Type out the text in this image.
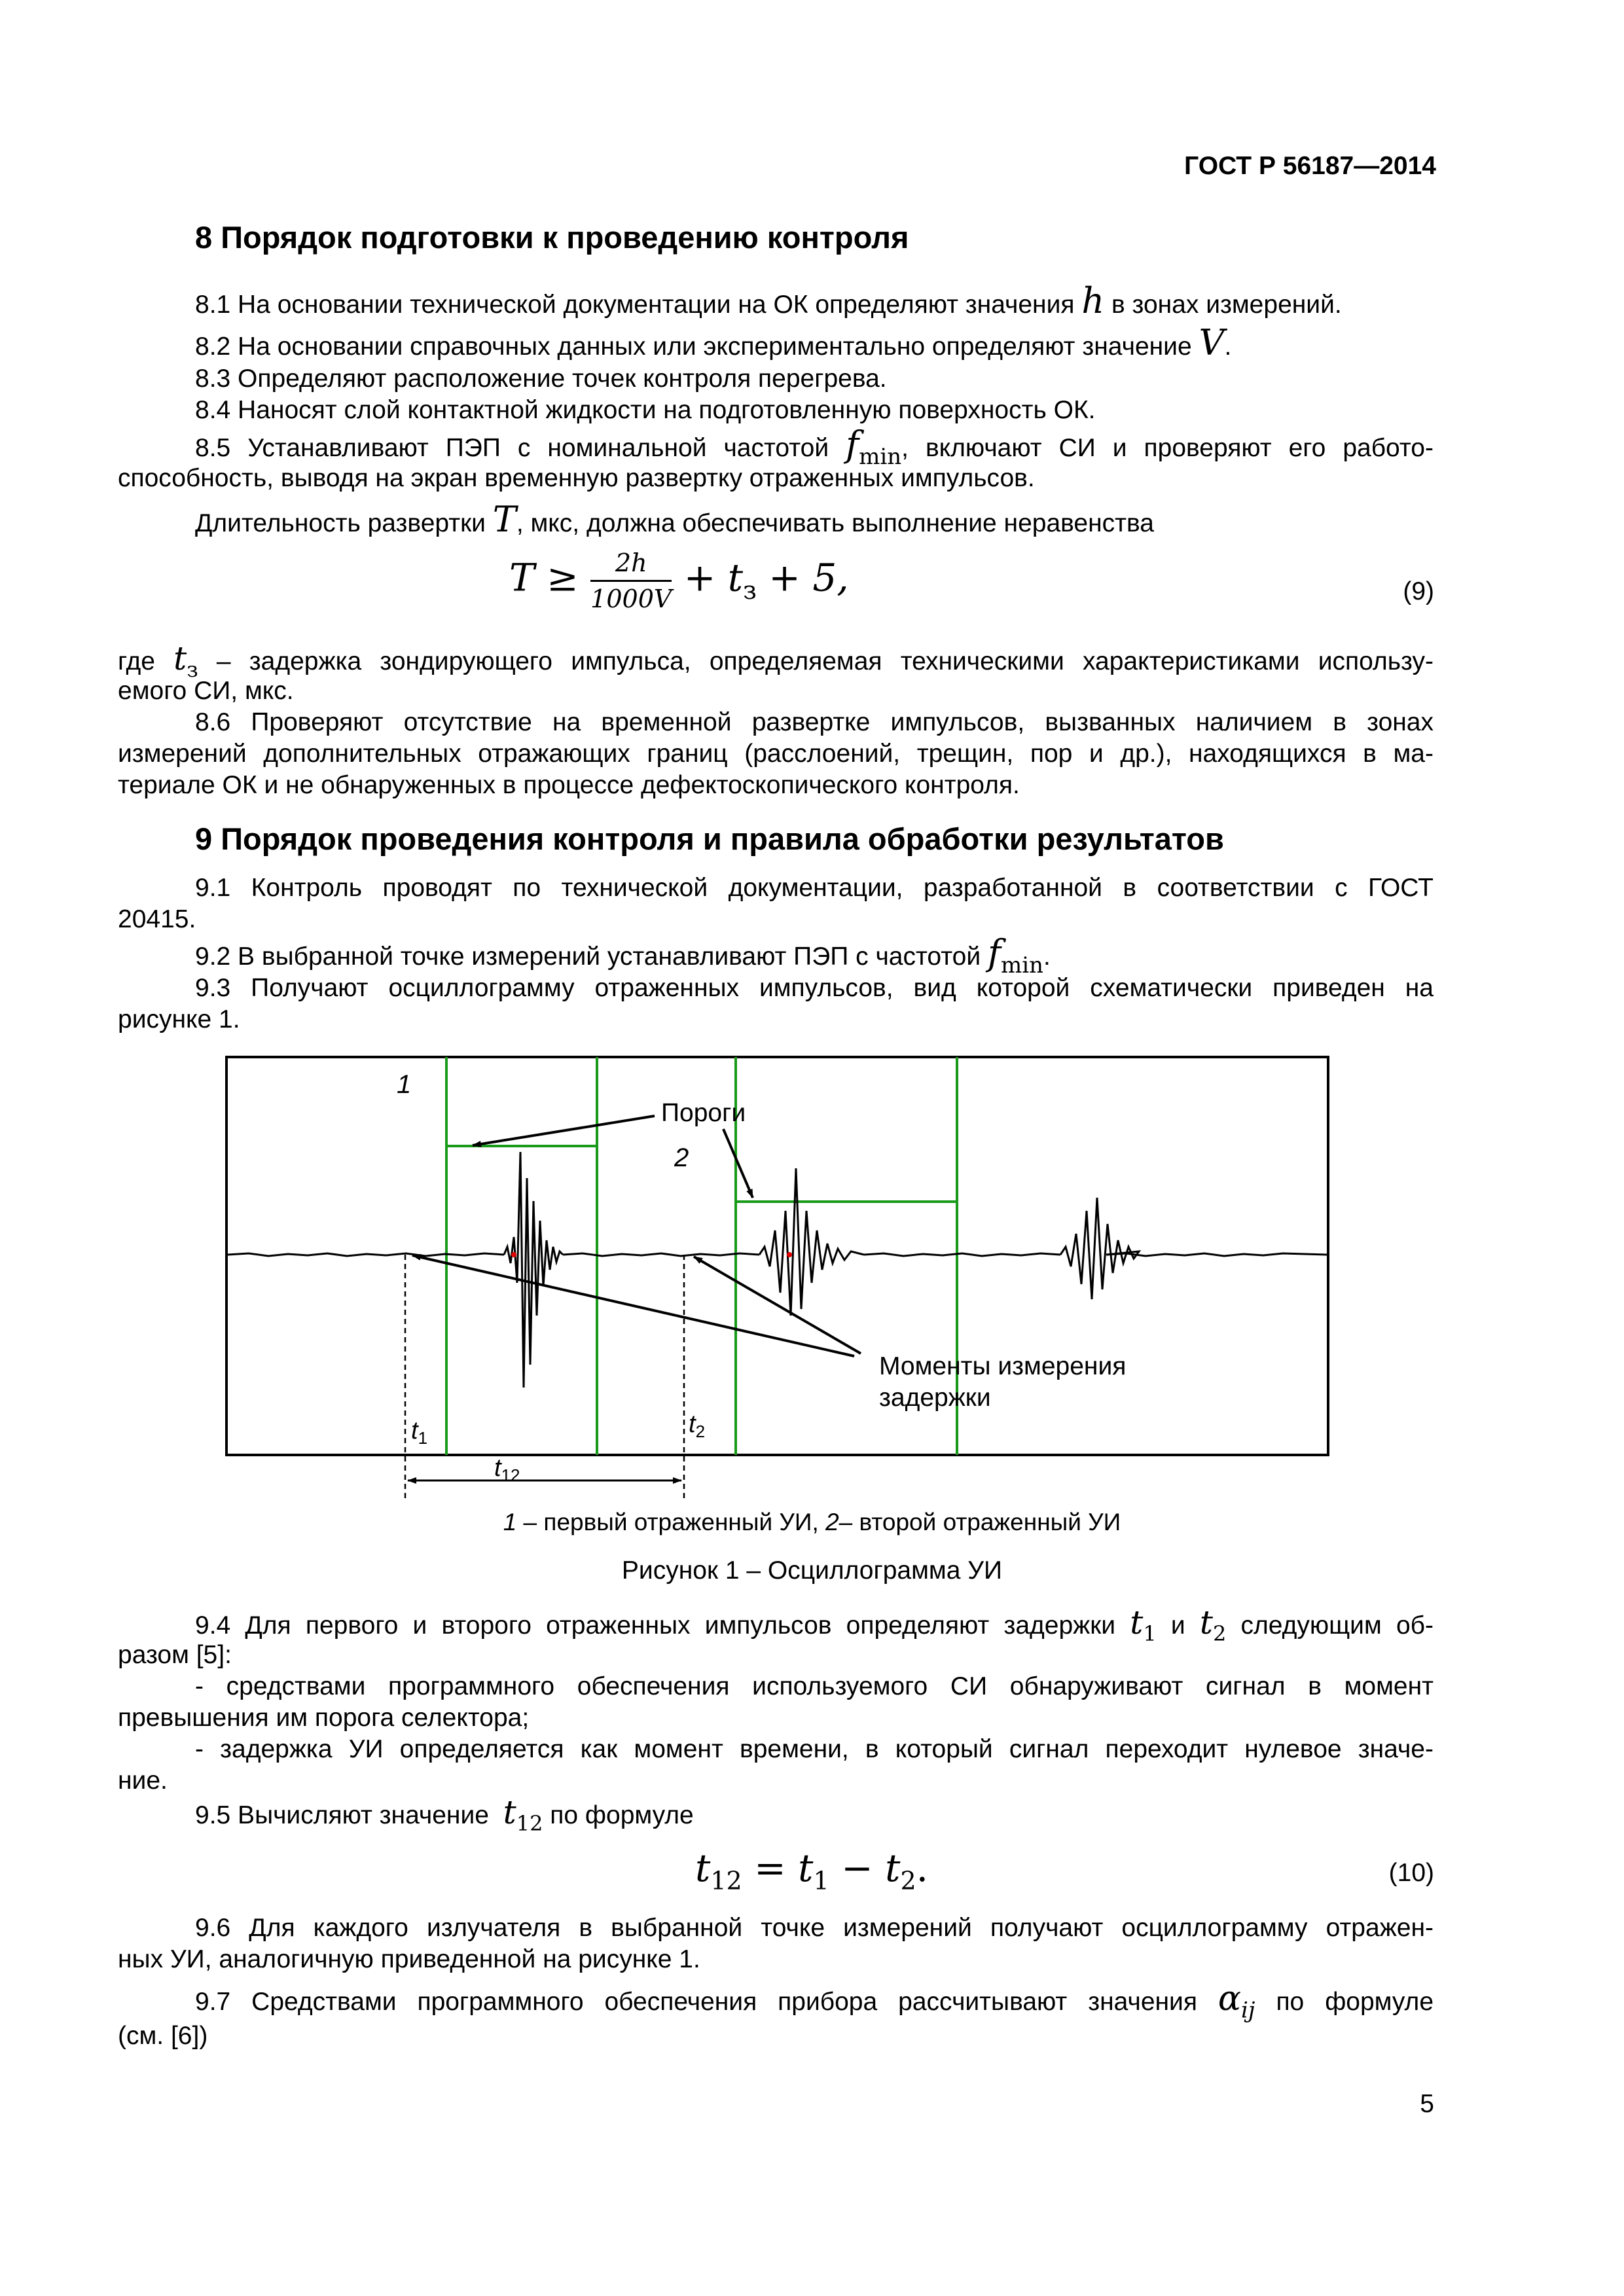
ГОСТ Р 56187—2014
8 Порядок подготовки к проведению контроля
8.1 На основании технической документации на ОК определяют значения h в зонах измерений.
8.2 На основании справочных данных или экспериментально определяют значение V.
8.3 Определяют расположение точек контроля перегрева.
8.4 Наносят слой контактной жидкости на подготовленную поверхность ОК.
8.5 Устанавливают ПЭП с номинальной частотой $f_{min}$, включают СИ и проверяют его работо-
способность, выводя на экран временную развертку отраженных импульсов.
Длительность развертки T, мкс, должна обеспечивать выполнение неравенства
$T \ge \frac{2h}{1000V} + t_з + 5$,	(9)
где $t_з$ – задержка зондирующего импульса, определяемая техническими характеристиками использу-
емого СИ, мкс.
8.6 Проверяют отсутствие на временной развертке импульсов, вызванных наличием в зонах
измерений дополнительных отражающих границ (расслоений, трещин, пор и др.), находящихся в ма-
териале ОК и не обнаруженных в процессе дефектоскопического контроля.
9 Порядок проведения контроля и правила обработки результатов
9.1 Контроль проводят по технической документации, разработанной в соответствии с ГОСТ
20415.
9.2 В выбранной точке измерений устанавливают ПЭП с частотой $f_{min}$.
9.3 Получают осциллограмму отраженных импульсов, вид которой схематически приведен на
рисунке 1.
1
Пороги
2
Моменты измерения
задержки
$t_1$	$t_2$
$t_{12}$
1 – первый отраженный УИ, 2– второй отраженный УИ
Рисунок 1 – Осциллограмма УИ
9.4 Для первого и второго отраженных импульсов определяют задержки $t_1$ и $t_2$ следующим об-
разом [5]:
- средствами программного обеспечения используемого СИ обнаруживают сигнал в момент
превышения им порога селектора;
- задержка УИ определяется как момент времени, в который сигнал переходит нулевое значе-
ние.
9.5 Вычисляют значение $t_{12}$ по формуле
$t_{12} = t_1 - t_2$.	(10)
9.6 Для каждого излучателя в выбранной точке измерений получают осциллограмму отражен-
ных УИ, аналогичную приведенной на рисунке 1.
9.7 Средствами программного обеспечения прибора рассчитывают значения $\alpha_{ij}$ по формуле
(см. [6])
5
